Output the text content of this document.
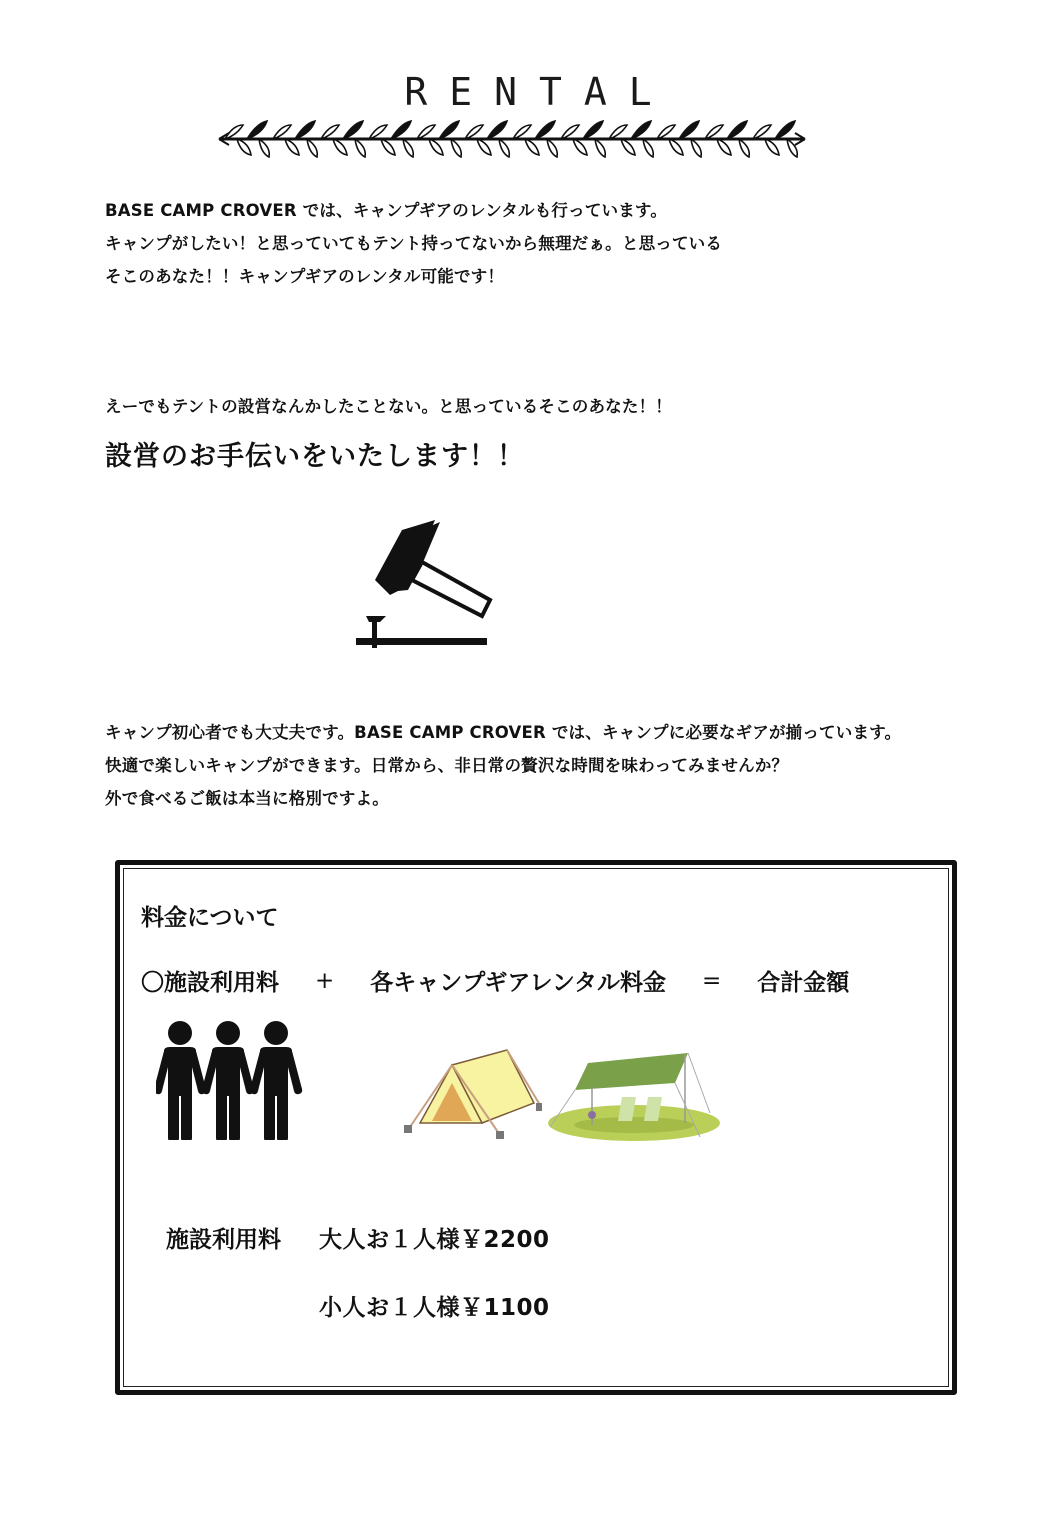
RENTAL
BASE CAMP CROVER では、キャンプギアのレンタルも行っています。
キャンプがしたい！と思っていてもテント持ってないから無理だぁ。と思っている
そこのあなた！！キャンプギアのレンタル可能です！
えーでもテントの設営なんかしたことない。と思っているそこのあなた！！
設営のお手伝いをいたします！！
キャンプ初心者でも大丈夫です。BASE CAMP CROVER では、キャンプに必要なギアが揃っています。
快適で楽しいキャンプができます。日常から、非日常の贅沢な時間を味わってみませんか？
外で食べるご飯は本当に格別ですよ。
料金について
〇施設利用料 + 各キャンプギアレンタル料金 = 合計金額
施設利用料 大人お１人様￥2200
小人お１人様￥1100
